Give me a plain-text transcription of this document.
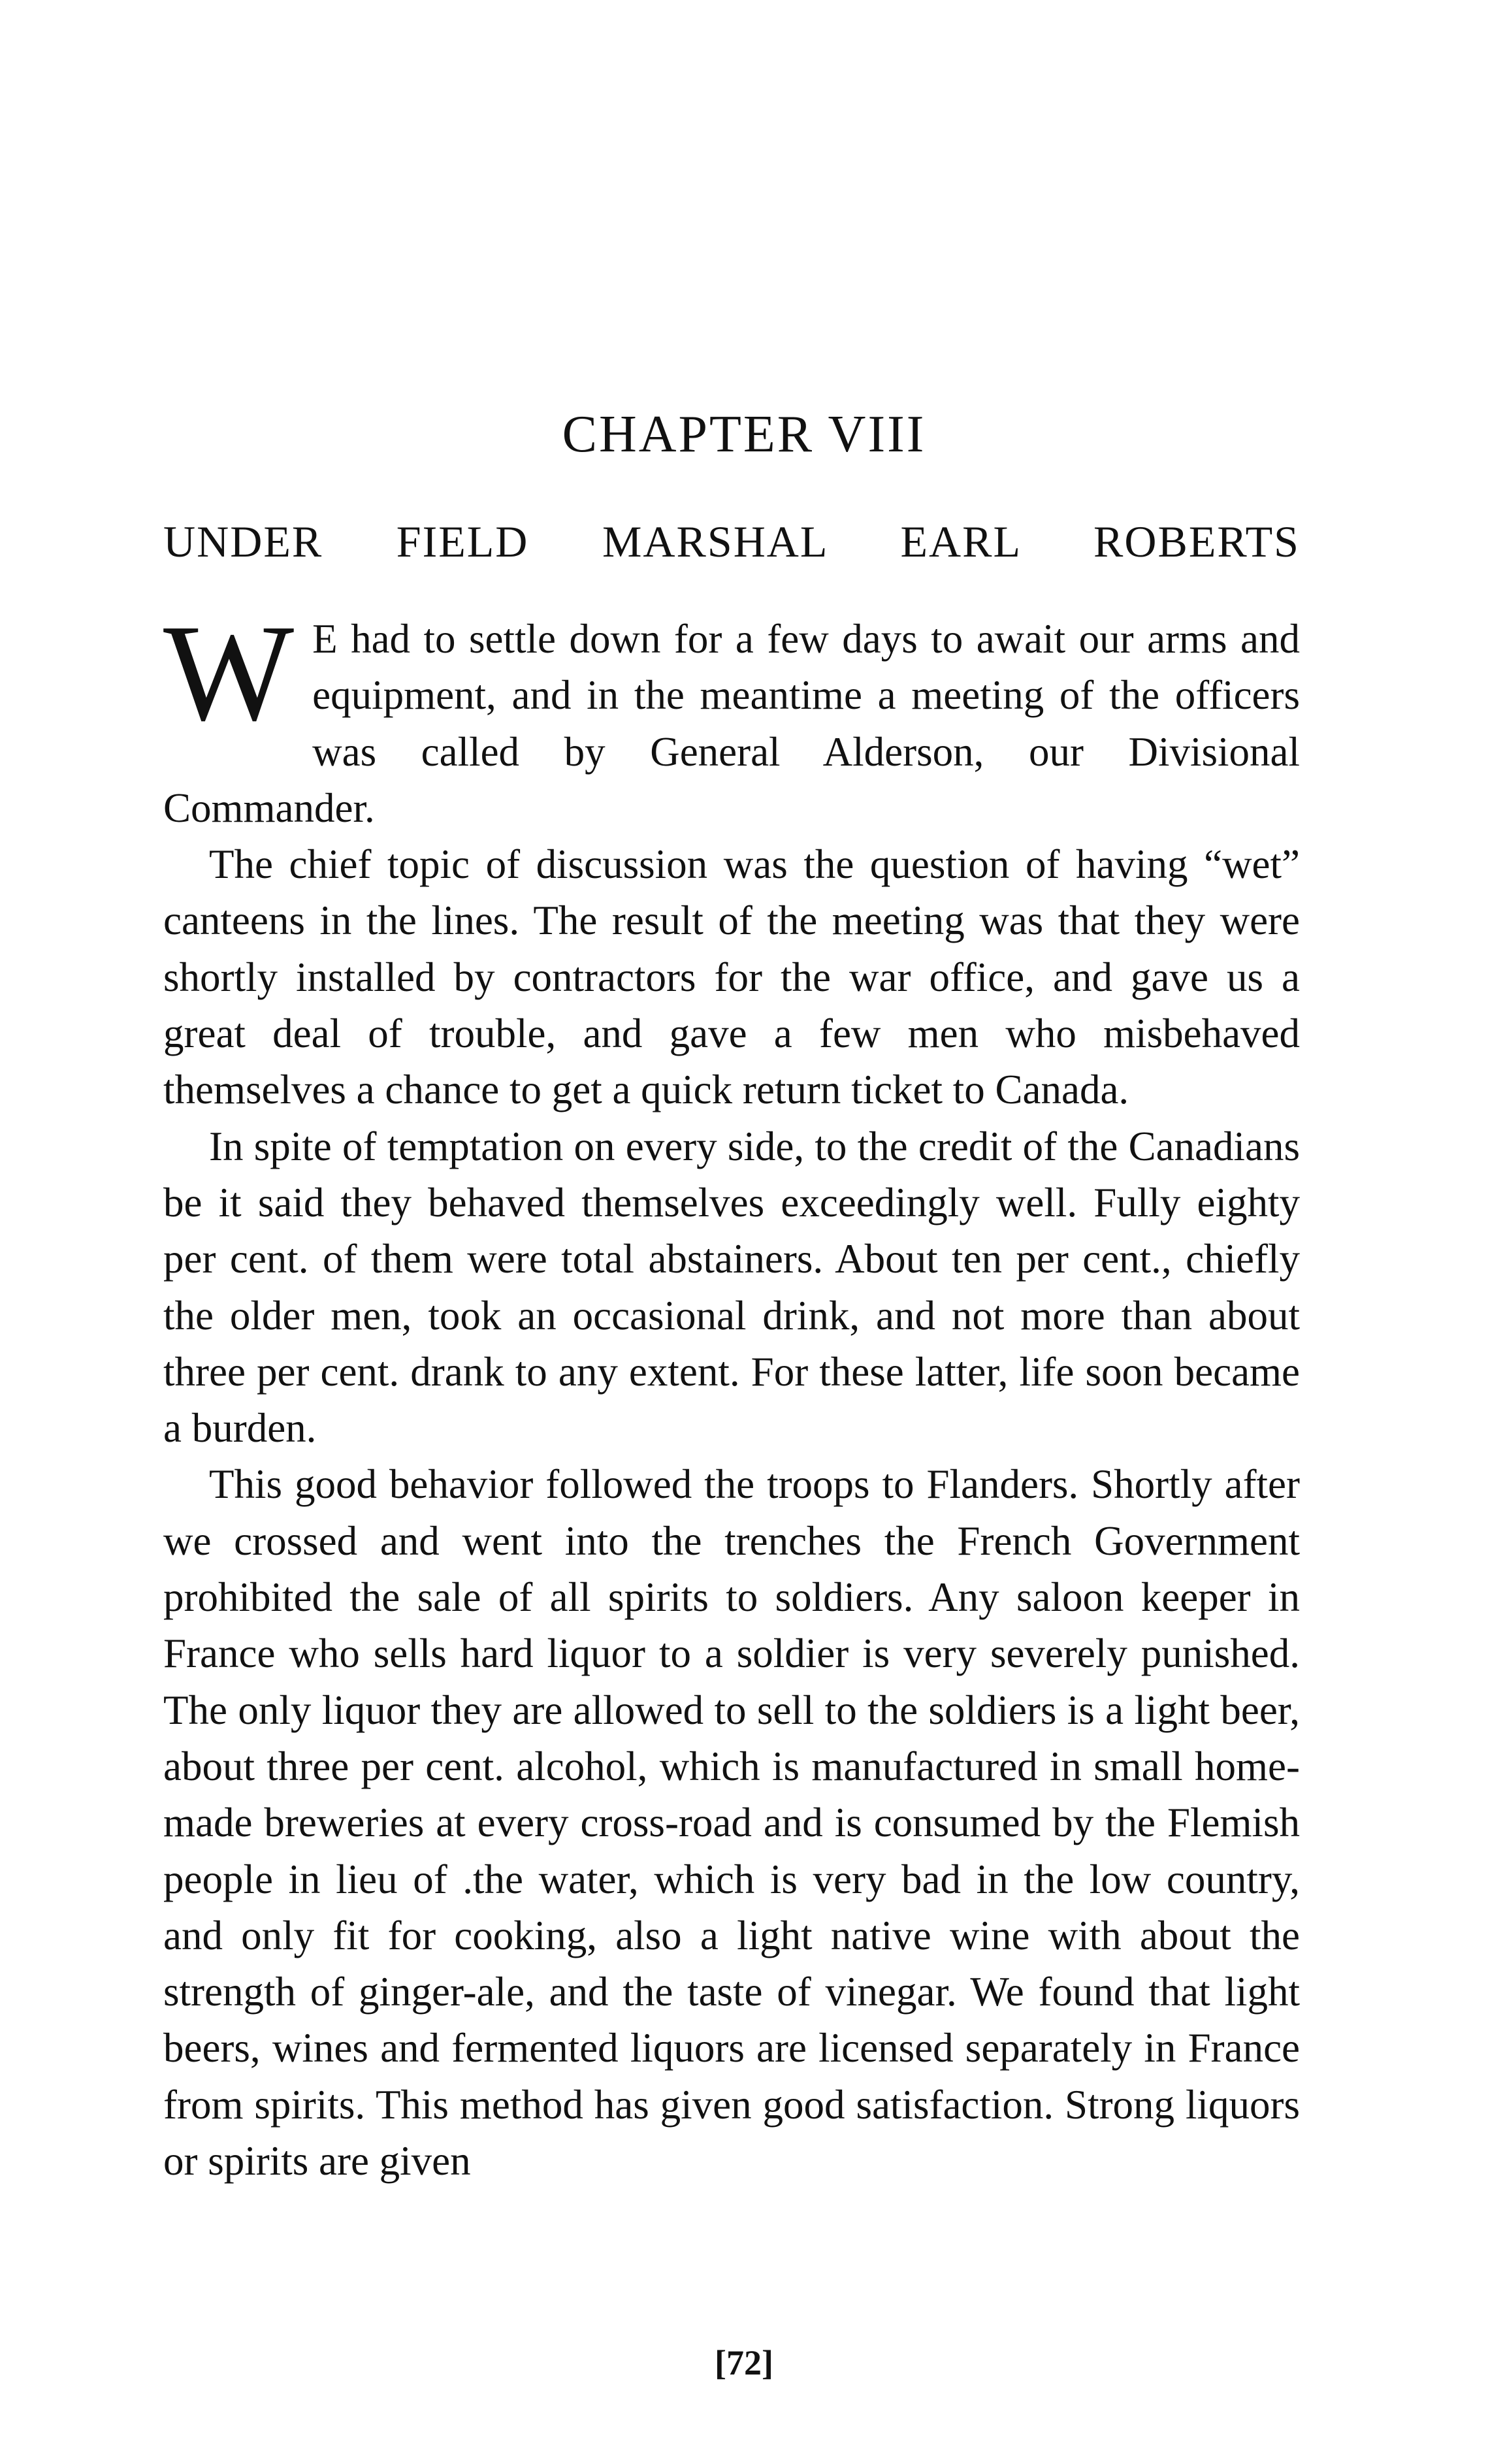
CHAPTER VIII
UNDER FIELD MARSHAL EARL ROBERTS

W E had to settle down for a few days to await our arms and equipment, and in the meantime a meeting of the officers was called by General Alderson, our Divisional Commander.

The chief topic of discussion was the question of having “wet” canteens in the lines. The result of the meeting was that they were shortly installed by contractors for the war office, and gave us a great deal of trouble, and gave a few men who misbehaved themselves a chance to get a quick return ticket to Canada.

In spite of temptation on every side, to the credit of the Canadians be it said they behaved themselves exceedingly well. Fully eighty per cent. of them were total abstainers. About ten per cent., chiefly the older men, took an occasional drink, and not more than about three per cent. drank to any extent. For these latter, life soon became a burden.

This good behavior followed the troops to Flanders. Shortly after we crossed and went into the trenches the French Government prohibited the sale of all spirits to soldiers. Any saloon keeper in France who sells hard liquor to a soldier is very severely punished. The only liquor they are allowed to sell to the soldiers is a light beer, about three per cent. alcohol, which is manufactured in small home-made breweries at every cross-road and is consumed by the Flemish people in lieu of .the water, which is very bad in the low country, and only fit for cooking, also a light native wine with about the strength of ginger-ale, and the taste of vinegar. We found that light beers, wines and fermented liquors are licensed separately in France from spirits. This method has given good satisfaction. Strong liquors or spirits are given

[72]
